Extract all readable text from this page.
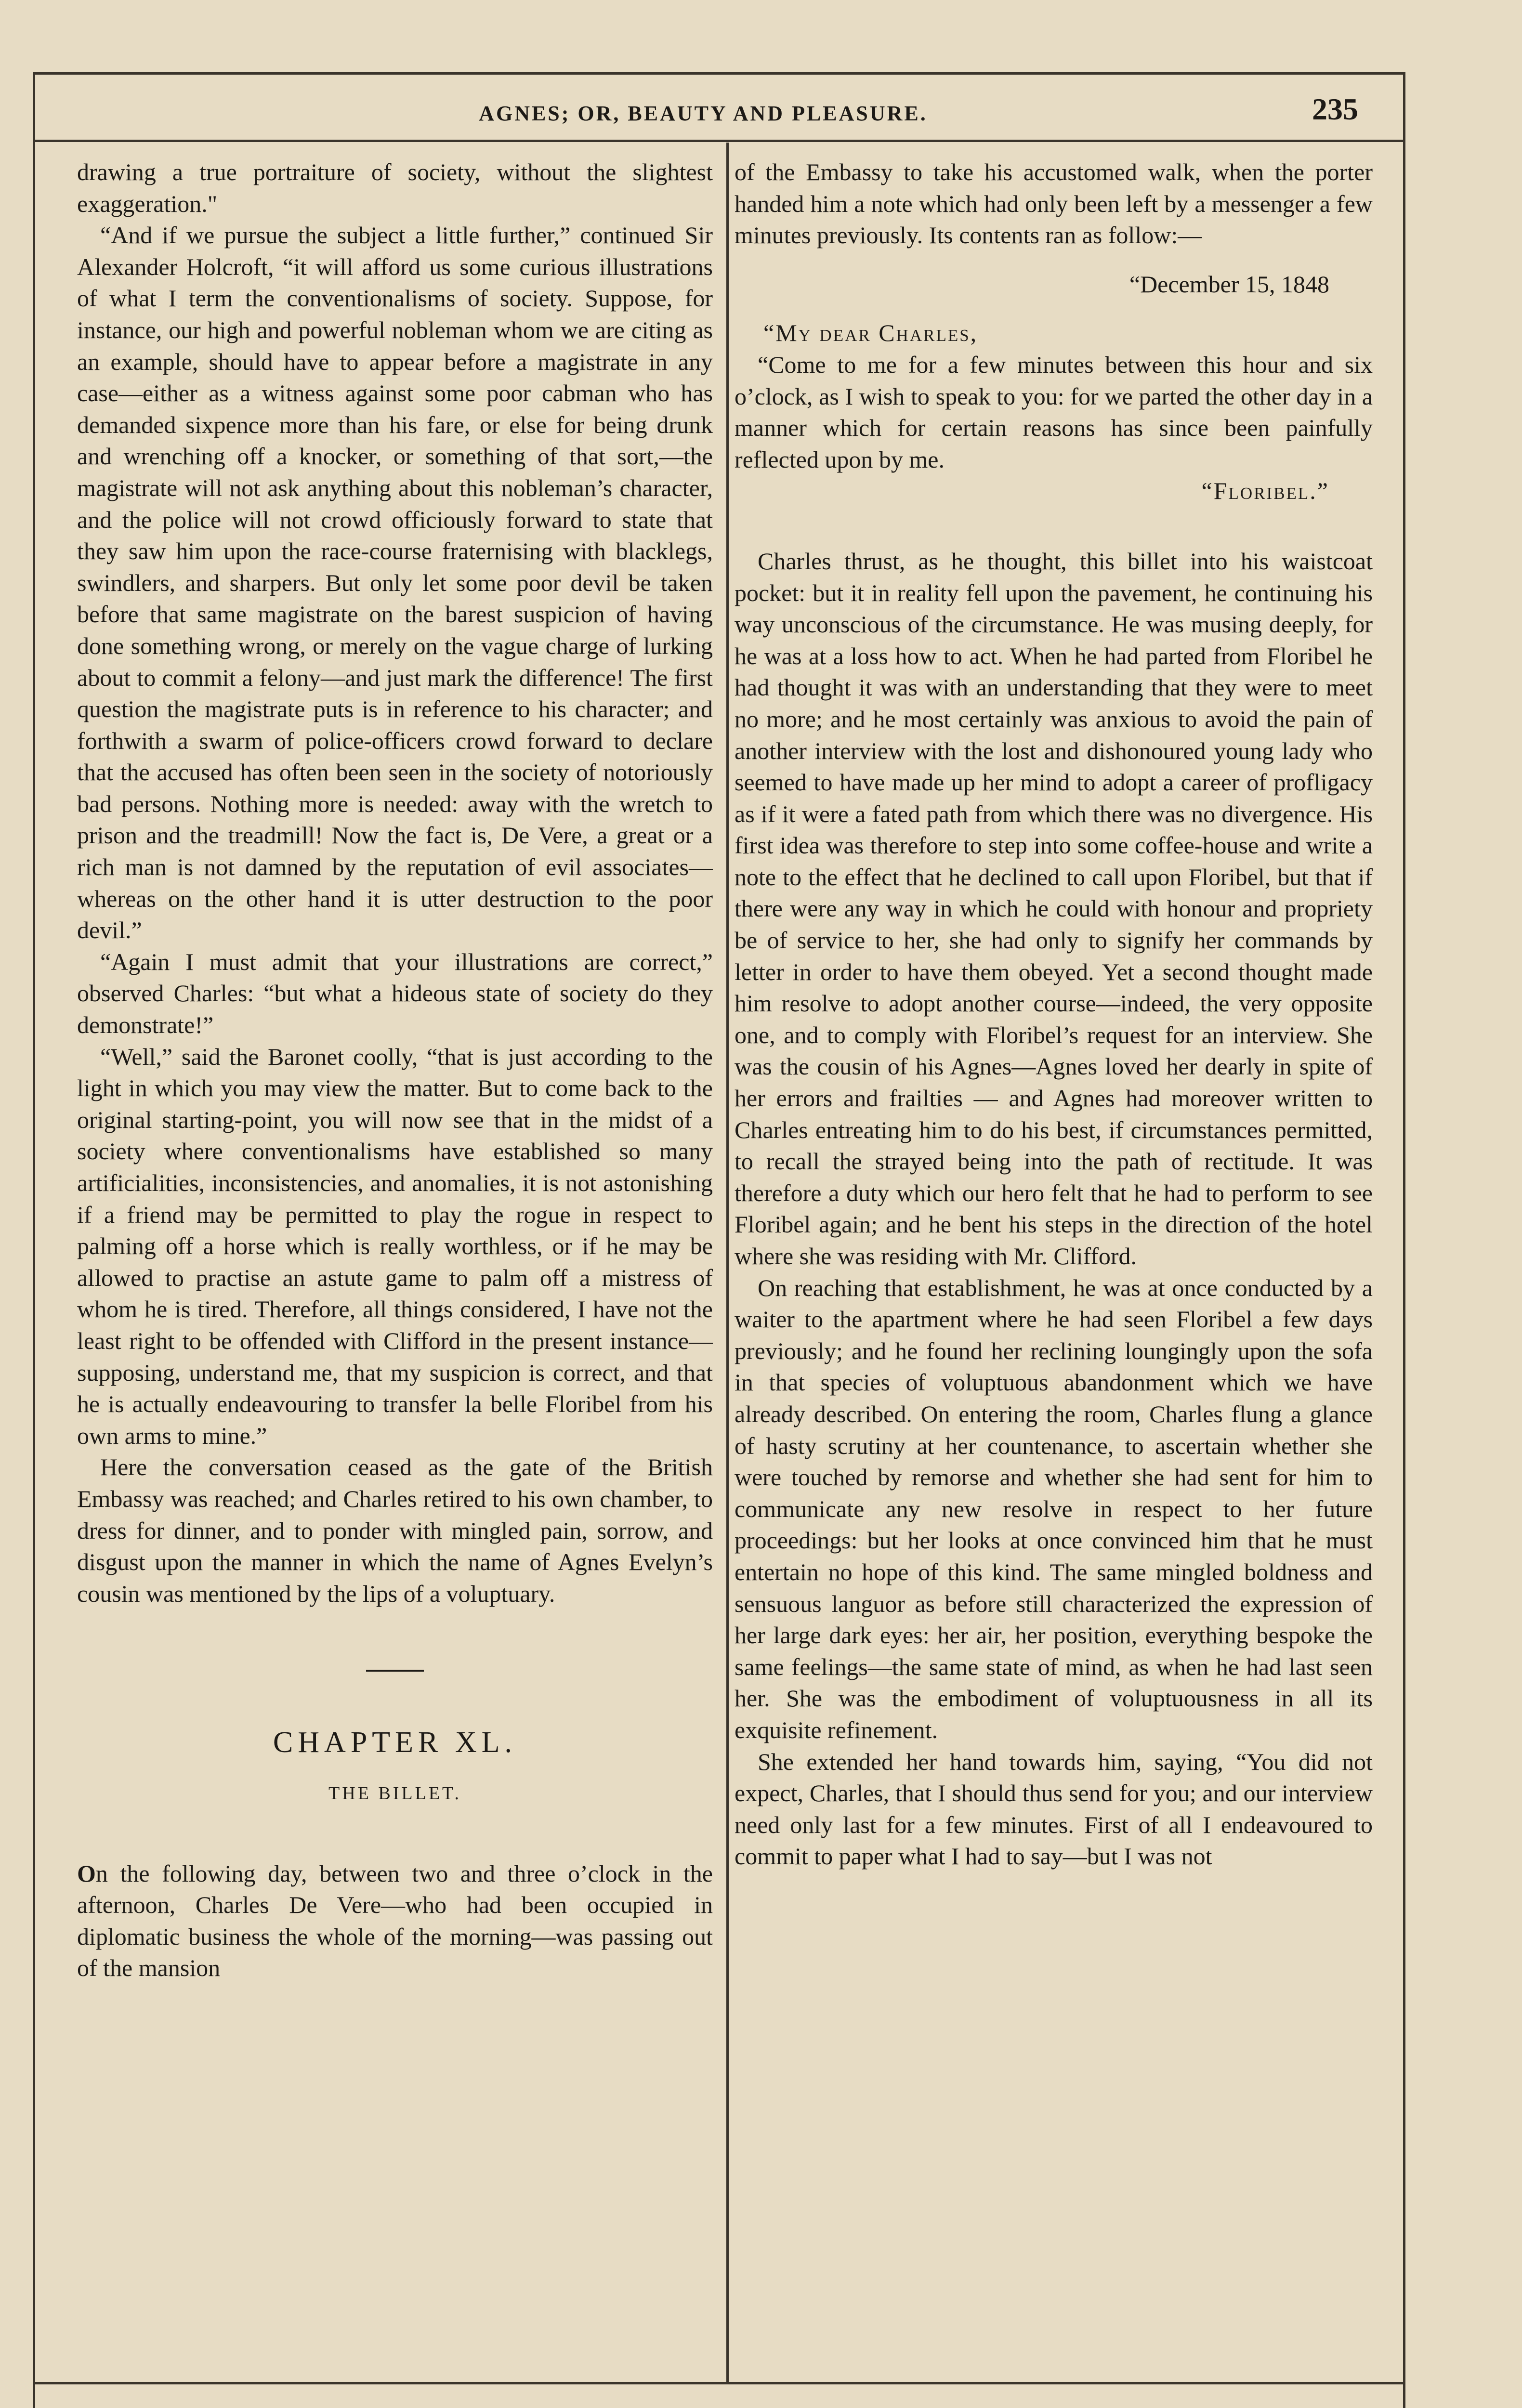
AGNES; OR, BEAUTY AND PLEASURE.	235

drawing a true portraiture of society, without the slightest exaggeration."

“And if we pursue the subject a little further,” continued Sir Alexander Holcroft, “it will afford us some curious illustrations of what I term the conventionalisms of society. Suppose, for instance, our high and powerful nobleman whom we are citing as an example, should have to appear before a magistrate in any case—either as a witness against some poor cabman who has demanded sixpence more than his fare, or else for being drunk and wrenching off a knocker, or something of that sort,—the magistrate will not ask anything about this nobleman’s character, and the police will not crowd officiously forward to state that they saw him upon the race-course fraternising with blacklegs, swindlers, and sharpers. But only let some poor devil be taken before that same magistrate on the barest suspicion of having done something wrong, or merely on the vague charge of lurking about to commit a felony—and just mark the difference! The first question the magistrate puts is in reference to his character; and forthwith a swarm of police-officers crowd forward to declare that the accused has often been seen in the society of notoriously bad persons. Nothing more is needed: away with the wretch to prison and the treadmill! Now the fact is, De Vere, a great or a rich man is not damned by the reputation of evil associates—whereas on the other hand it is utter destruction to the poor devil.”

“Again I must admit that your illustrations are correct,” observed Charles: “but what a hideous state of society do they demonstrate!”

“Well,” said the Baronet coolly, “that is just according to the light in which you may view the matter. But to come back to the original starting-point, you will now see that in the midst of a society where conventionalisms have established so many artificialities, inconsistencies, and anomalies, it is not astonishing if a friend may be permitted to play the rogue in respect to palming off a horse which is really worthless, or if he may be allowed to practise an astute game to palm off a mistress of whom he is tired. Therefore, all things considered, I have not the least right to be offended with Clifford in the present instance—supposing, understand me, that my suspicion is correct, and that he is actually endeavouring to transfer la belle Floribel from his own arms to mine.”

Here the conversation ceased as the gate of the British Embassy was reached; and Charles retired to his own chamber, to dress for dinner, and to ponder with mingled pain, sorrow, and disgust upon the manner in which the name of Agnes Evelyn’s cousin was mentioned by the lips of a voluptuary.

CHAPTER XL.

THE BILLET.

On the following day, between two and three o’clock in the afternoon, Charles De Vere—who had been occupied in diplomatic business the whole of the morning—was passing out of the mansion

of the Embassy to take his accustomed walk, when the porter handed him a note which had only been left by a messenger a few minutes previously. Its contents ran as follow:—

“December 15, 1848

“My dear Charles,

“Come to me for a few minutes between this hour and six o’clock, as I wish to speak to you: for we parted the other day in a manner which for certain reasons has since been painfully reflected upon by me.

“Floribel.”

Charles thrust, as he thought, this billet into his waistcoat pocket: but it in reality fell upon the pavement, he continuing his way unconscious of the circumstance. He was musing deeply, for he was at a loss how to act. When he had parted from Floribel he had thought it was with an understanding that they were to meet no more; and he most certainly was anxious to avoid the pain of another interview with the lost and dishonoured young lady who seemed to have made up her mind to adopt a career of profligacy as if it were a fated path from which there was no divergence. His first idea was therefore to step into some coffee-house and write a note to the effect that he declined to call upon Floribel, but that if there were any way in which he could with honour and propriety be of service to her, she had only to signify her commands by letter in order to have them obeyed. Yet a second thought made him resolve to adopt another course—indeed, the very opposite one, and to comply with Floribel’s request for an interview. She was the cousin of his Agnes—Agnes loved her dearly in spite of her errors and frailties — and Agnes had moreover written to Charles entreating him to do his best, if circumstances permitted, to recall the strayed being into the path of rectitude. It was therefore a duty which our hero felt that he had to perform to see Floribel again; and he bent his steps in the direction of the hotel where she was residing with Mr. Clifford.

On reaching that establishment, he was at once conducted by a waiter to the apartment where he had seen Floribel a few days previously; and he found her reclining loungingly upon the sofa in that species of voluptuous abandonment which we have already described. On entering the room, Charles flung a glance of hasty scrutiny at her countenance, to ascertain whether she were touched by remorse and whether she had sent for him to communicate any new resolve in respect to her future proceedings: but her looks at once convinced him that he must entertain no hope of this kind. The same mingled boldness and sensuous languor as before still characterized the expression of her large dark eyes: her air, her position, everything bespoke the same feelings—the same state of mind, as when he had last seen her. She was the embodiment of voluptuousness in all its exquisite refinement.

She extended her hand towards him, saying, “You did not expect, Charles, that I should thus send for you; and our interview need only last for a few minutes. First of all I endeavoured to commit to paper what I had to say—but I was not
